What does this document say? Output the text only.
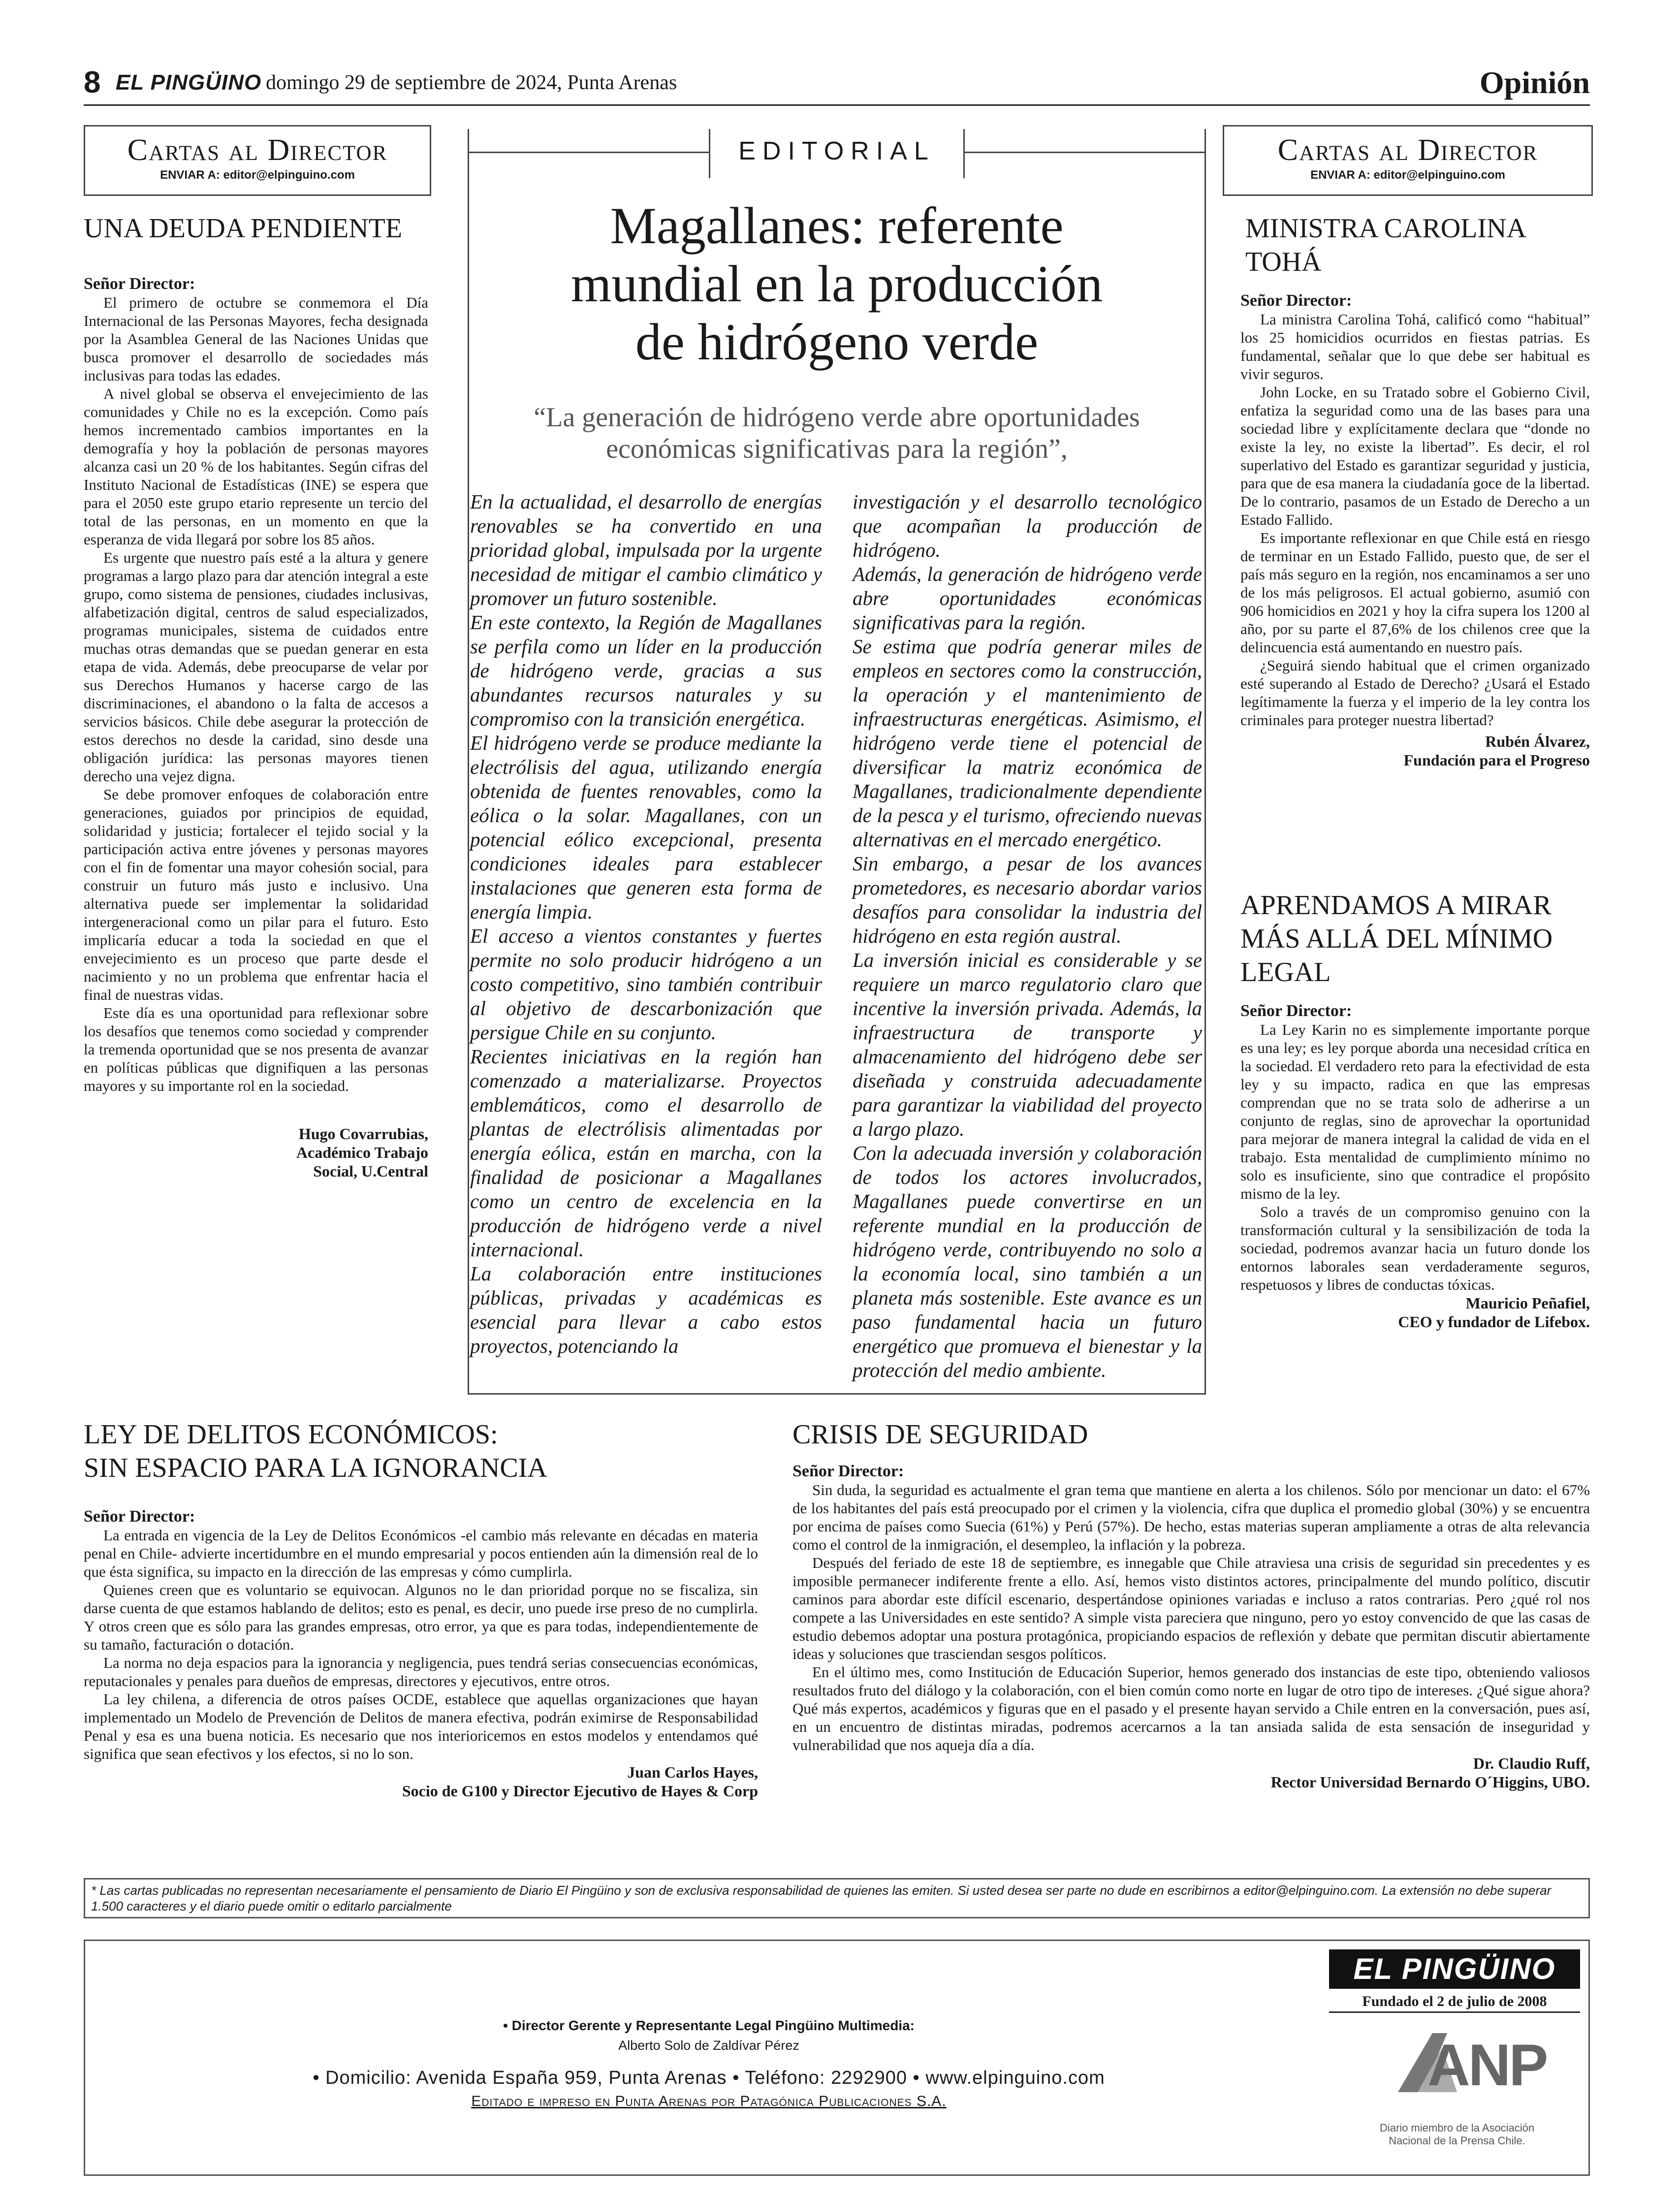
8 EL PINGÜINO domingo 29 de septiembre de 2024, Punta Arenas	Opinión
Cartas al Director
ENVIAR A: editor@elpinguino.com
UNA DEUDA PENDIENTE
Señor Director:

El primero de octubre se conmemora el Día Internacional de las Personas Mayores, fecha designada por la Asamblea General de las Naciones Unidas que busca promover el desarrollo de sociedades más inclusivas para todas las edades.

A nivel global se observa el envejecimiento de las comunidades y Chile no es la excepción. Como país hemos incrementado cambios importantes en la demografía y hoy la población de personas mayores alcanza casi un 20 % de los habitantes. Según cifras del Instituto Nacional de Estadísticas (INE) se espera que para el 2050 este grupo etario represente un tercio del total de las personas, en un momento en que la esperanza de vida llegará por sobre los 85 años.

Es urgente que nuestro país esté a la altura y genere programas a largo plazo para dar atención integral a este grupo, como sistema de pensiones, ciudades inclusivas, alfabetización digital, centros de salud especializados, programas municipales, sistema de cuidados entre muchas otras demandas que se puedan generar en esta etapa de vida. Además, debe preocuparse de velar por sus Derechos Humanos y hacerse cargo de las discriminaciones, el abandono o la falta de accesos a servicios básicos. Chile debe asegurar la protección de estos derechos no desde la caridad, sino desde una obligación jurídica: las personas mayores tienen derecho una vejez digna.

Se debe promover enfoques de colaboración entre generaciones, guiados por principios de equidad, solidaridad y justicia; fortalecer el tejido social y la participación activa entre jóvenes y personas mayores con el fin de fomentar una mayor cohesión social, para construir un futuro más justo e inclusivo. Una alternativa puede ser implementar la solidaridad intergeneracional como un pilar para el futuro. Esto implicaría educar a toda la sociedad en que el envejecimiento es un proceso que parte desde el nacimiento y no un problema que enfrentar hacia el final de nuestras vidas.

Este día es una oportunidad para reflexionar sobre los desafíos que tenemos como sociedad y comprender la tremenda oportunidad que se nos presenta de avanzar en políticas públicas que dignifiquen a las personas mayores y su importante rol en la sociedad.

Hugo Covarrubias,
Académico Trabajo
Social, U.Central
EDITORIAL
Magallanes: referente
mundial en la producción
de hidrógeno verde
“La generación de hidrógeno verde abre oportunidades
económicas significativas para la región”,

En la actualidad, el desarrollo de energías renovables se ha convertido en una prioridad global, impulsada por la urgente necesidad de mitigar el cambio climático y promover un futuro sostenible.

En este contexto, la Región de Magallanes se perfila como un líder en la producción de hidrógeno verde, gracias a sus abundantes recursos naturales y su compromiso con la transición energética.

El hidrógeno verde se produce mediante la electrólisis del agua, utilizando energía obtenida de fuentes renovables, como la eólica o la solar. Magallanes, con un potencial eólico excepcional, presenta condiciones ideales para establecer instalaciones que generen esta forma de energía limpia.

El acceso a vientos constantes y fuertes permite no solo producir hidrógeno a un costo competitivo, sino también contribuir al objetivo de descarbonización que persigue Chile en su conjunto.

Recientes iniciativas en la región han comenzado a materializarse. Proyectos emblemáticos, como el desarrollo de plantas de electrólisis alimentadas por energía eólica, están en marcha, con la finalidad de posicionar a Magallanes como un centro de excelencia en la producción de hidrógeno verde a nivel internacional.

La colaboración entre instituciones públicas, privadas y académicas es esencial para llevar a cabo estos proyectos, potenciando la

investigación y el desarrollo tecnológico que acompañan la producción de hidrógeno.

Además, la generación de hidrógeno verde abre oportunidades económicas significativas para la región.

Se estima que podría generar miles de empleos en sectores como la construcción, la operación y el mantenimiento de infraestructuras energéticas. Asimismo, el hidrógeno verde tiene el potencial de diversificar la matriz económica de Magallanes, tradicionalmente dependiente de la pesca y el turismo, ofreciendo nuevas alternativas en el mercado energético.

Sin embargo, a pesar de los avances prometedores, es necesario abordar varios desafíos para consolidar la industria del hidrógeno en esta región austral.

La inversión inicial es considerable y se requiere un marco regulatorio claro que incentive la inversión privada. Además, la infraestructura de transporte y almacenamiento del hidrógeno debe ser diseñada y construida adecuadamente para garantizar la viabilidad del proyecto a largo plazo.

Con la adecuada inversión y colaboración de todos los actores involucrados, Magallanes puede convertirse en un referente mundial en la producción de hidrógeno verde, contribuyendo no solo a la economía local, sino también a un planeta más sostenible. Este avance es un paso fundamental hacia un futuro energético que promueva el bienestar y la protección del medio ambiente.

Cartas al Director
ENVIAR A: editor@elpinguino.com
MINISTRA CAROLINA
TOHÁ
Señor Director:

La ministra Carolina Tohá, calificó como “habitual” los 25 homicidios ocurridos en fiestas patrias. Es fundamental, señalar que lo que debe ser habitual es vivir seguros.

John Locke, en su Tratado sobre el Gobierno Civil, enfatiza la seguridad como una de las bases para una sociedad libre y explícitamente declara que “donde no existe la ley, no existe la libertad”. Es decir, el rol superlativo del Estado es garantizar seguridad y justicia, para que de esa manera la ciudadanía goce de la libertad. De lo contrario, pasamos de un Estado de Derecho a un Estado Fallido.

Es importante reflexionar en que Chile está en riesgo de terminar en un Estado Fallido, puesto que, de ser el país más seguro en la región, nos encaminamos a ser uno de los más peligrosos. El actual gobierno, asumió con 906 homicidios en 2021 y hoy la cifra supera los 1200 al año, por su parte el 87,6% de los chilenos cree que la delincuencia está aumentando en nuestro país.

¿Seguirá siendo habitual que el crimen organizado esté superando al Estado de Derecho? ¿Usará el Estado legítimamente la fuerza y el imperio de la ley contra los criminales para proteger nuestra libertad?

Rubén Álvarez,
Fundación para el Progreso
APRENDAMOS A MIRAR
MÁS ALLÁ DEL MÍNIMO
LEGAL
Señor Director:

La Ley Karin no es simplemente importante porque es una ley; es ley porque aborda una necesidad crítica en la sociedad. El verdadero reto para la efectividad de esta ley y su impacto, radica en que las empresas comprendan que no se trata solo de adherirse a un conjunto de reglas, sino de aprovechar la oportunidad para mejorar de manera integral la calidad de vida en el trabajo. Esta mentalidad de cumplimiento mínimo no solo es insuficiente, sino que contradice el propósito mismo de la ley.

Solo a través de un compromiso genuino con la transformación cultural y la sensibilización de toda la sociedad, podremos avanzar hacia un futuro donde los entornos laborales sean verdaderamente seguros, respetuosos y libres de conductas tóxicas.

Mauricio Peñafiel,
CEO y fundador de Lifebox.
LEY DE DELITOS ECONÓMICOS:
SIN ESPACIO PARA LA IGNORANCIA
Señor Director:

La entrada en vigencia de la Ley de Delitos Económicos -el cambio más relevante en décadas en materia penal en Chile- advierte incertidumbre en el mundo empresarial y pocos entienden aún la dimensión real de lo que ésta significa, su impacto en la dirección de las empresas y cómo cumplirla.

Quienes creen que es voluntario se equivocan. Algunos no le dan prioridad porque no se fiscaliza, sin darse cuenta de que estamos hablando de delitos; esto es penal, es decir, uno puede irse preso de no cumplirla. Y otros creen que es sólo para las grandes empresas, otro error, ya que es para todas, independientemente de su tamaño, facturación o dotación.

La norma no deja espacios para la ignorancia y negligencia, pues tendrá serias consecuencias económicas, reputacionales y penales para dueños de empresas, directores y ejecutivos, entre otros.

La ley chilena, a diferencia de otros países OCDE, establece que aquellas organizaciones que hayan implementado un Modelo de Prevención de Delitos de manera efectiva, podrán eximirse de Responsabilidad Penal y esa es una buena noticia. Es necesario que nos interioricemos en estos modelos y entendamos qué significa que sean efectivos y los efectos, si no lo son.

Juan Carlos Hayes,
Socio de G100 y Director Ejecutivo de Hayes & Corp
CRISIS DE SEGURIDAD
Señor Director:

Sin duda, la seguridad es actualmente el gran tema que mantiene en alerta a los chilenos. Sólo por mencionar un dato: el 67% de los habitantes del país está preocupado por el crimen y la violencia, cifra que duplica el promedio global (30%) y se encuentra por encima de países como Suecia (61%) y Perú (57%). De hecho, estas materias superan ampliamente a otras de alta relevancia como el control de la inmigración, el desempleo, la inflación y la pobreza.

Después del feriado de este 18 de septiembre, es innegable que Chile atraviesa una crisis de seguridad sin precedentes y es imposible permanecer indiferente frente a ello. Así, hemos visto distintos actores, principalmente del mundo político, discutir caminos para abordar este difícil escenario, despertándose opiniones variadas e incluso a ratos contrarias. Pero ¿qué rol nos compete a las Universidades en este sentido? A simple vista pareciera que ninguno, pero yo estoy convencido de que las casas de estudio debemos adoptar una postura protagónica, propiciando espacios de reflexión y debate que permitan discutir abiertamente ideas y soluciones que trasciendan sesgos políticos.

En el último mes, como Institución de Educación Superior, hemos generado dos instancias de este tipo, obteniendo valiosos resultados fruto del diálogo y la colaboración, con el bien común como norte en lugar de otro tipo de intereses. ¿Qué sigue ahora? Qué más expertos, académicos y figuras que en el pasado y el presente hayan servido a Chile entren en la conversación, pues así, en un encuentro de distintas miradas, podremos acercarnos a la tan ansiada salida de esta sensación de inseguridad y vulnerabilidad que nos aqueja día a día.

Dr. Claudio Ruff,
Rector Universidad Bernardo O´Higgins, UBO.
* Las cartas publicadas no representan necesariamente el pensamiento de Diario El Pingüino y son de exclusiva responsabilidad de quienes las emiten. Si usted desea ser parte no dude en escribirnos a editor@elpinguino.com. La extensión no debe superar 1.500 caracteres y el diario puede omitir o editarlo parcialmente
• Director Gerente y Representante Legal Pingüino Multimedia:
Alberto Solo de Zaldívar Pérez
• Domicilio: Avenida España 959, Punta Arenas • Teléfono: 2292900 • www.elpinguino.com
Editado e impreso en Punta Arenas por Patagónica Publicaciones S.A.
EL PINGÜINO
Fundado el 2 de julio de 2008
ANP
Diario miembro de la Asociación
Nacional de la Prensa Chile.
